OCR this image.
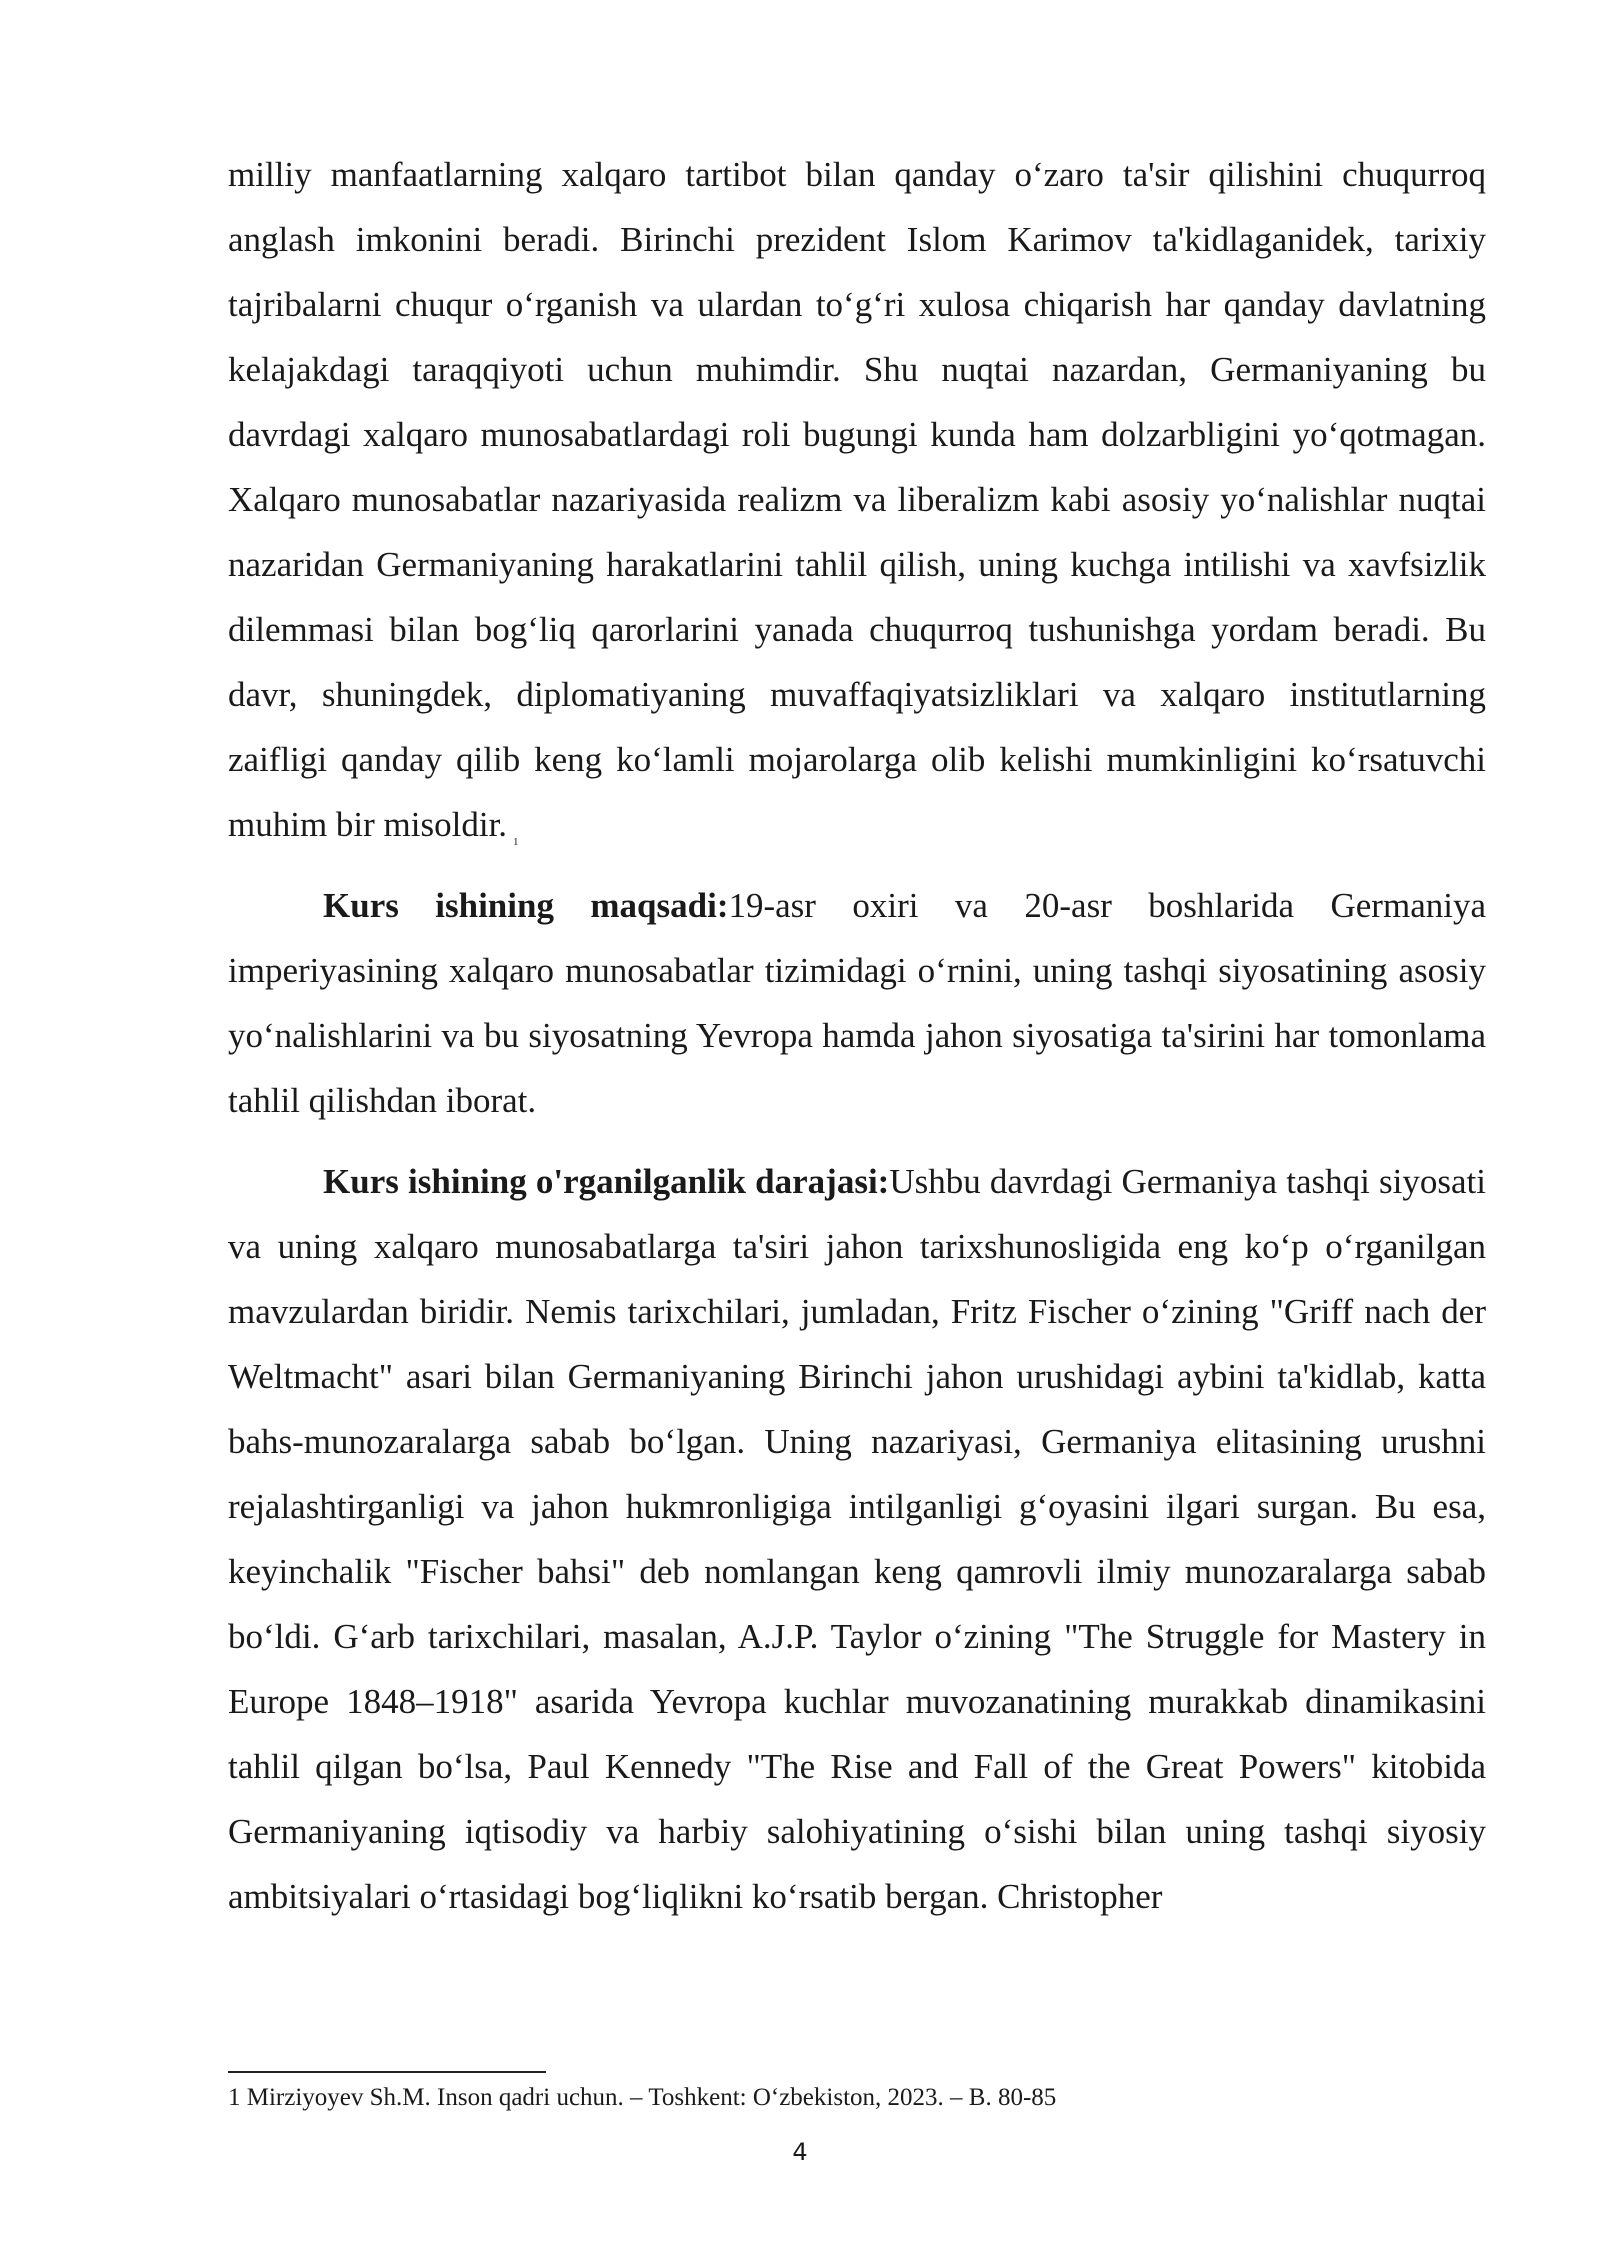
milliy manfaatlarning xalqaro tartibot bilan qanday o‘zaro ta'sir qilishini chuqurroq anglash imkonini beradi. Birinchi prezident Islom Karimov ta'kidlaganidek, tarixiy tajribalarni chuqur o‘rganish va ulardan to‘g‘ri xulosa chiqarish har qanday davlatning kelajakdagi taraqqiyoti uchun muhimdir. Shu nuqtai nazardan, Germaniyaning bu davrdagi xalqaro munosabatlardagi roli bugungi kunda ham dolzarbligini yo‘qotmagan. Xalqaro munosabatlar nazariyasida realizm va liberalizm kabi asosiy yo‘nalishlar nuqtai nazaridan Germaniyaning harakatlarini tahlil qilish, uning kuchga intilishi va xavfsizlik dilemmasi bilan bog‘liq qarorlarini yanada chuqurroq tushunishga yordam beradi. Bu davr, shuningdek, diplomatiyaning muvaffaqiyatsizliklari va xalqaro institutlarning zaifligi qanday qilib keng ko‘lamli mojarolarga olib kelishi mumkinligini ko‘rsatuvchi muhim bir misoldir. $^1$

Kurs ishining maqsadi:19-asr oxiri va 20-asr boshlarida Germaniya imperiyasining xalqaro munosabatlar tizimidagi o‘rnini, uning tashqi siyosatining asosiy yo‘nalishlarini va bu siyosatning Yevropa hamda jahon siyosatiga ta'sirini har tomonlama tahlil qilishdan iborat.

Kurs ishining o'rganilganlik darajasi:Ushbu davrdagi Germaniya tashqi siyosati va uning xalqaro munosabatlarga ta'siri jahon tarixshunosligida eng ko‘p o‘rganilgan mavzulardan biridir. Nemis tarixchilari, jumladan, Fritz Fischer o‘zining "Griff nach der Weltmacht" asari bilan Germaniyaning Birinchi jahon urushidagi aybini ta'kidlab, katta bahs-munozaralarga sabab bo‘lgan. Uning nazariyasi, Germaniya elitasining urushni rejalashtirganligi va jahon hukmronligiga intilganligi g‘oyasini ilgari surgan. Bu esa, keyinchalik "Fischer bahsi" deb nomlangan keng qamrovli ilmiy munozaralarga sabab bo‘ldi. G‘arb tarixchilari, masalan, A.J.P. Taylor o‘zining "The Struggle for Mastery in Europe 1848–1918" asarida Yevropa kuchlar muvozanatining murakkab dinamikasini tahlil qilgan bo‘lsa, Paul Kennedy "The Rise and Fall of the Great Powers" kitobida Germaniyaning iqtisodiy va harbiy salohiyatining o‘sishi bilan uning tashqi siyosiy ambitsiyalari o‘rtasidagi bog‘liqlikni ko‘rsatib bergan. Christopher

1 Mirziyoyev Sh.M. Inson qadri uchun. – Toshkent: O‘zbekiston, 2023. – B. 80-85
4
